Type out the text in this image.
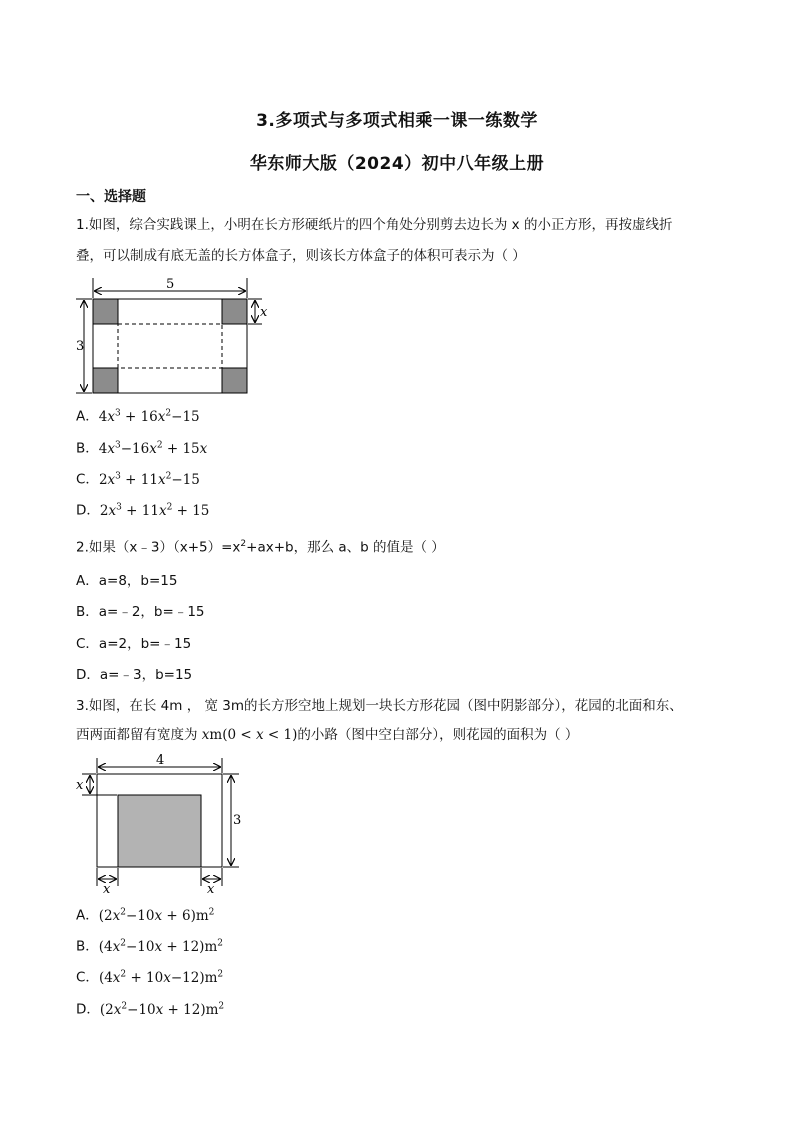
3.多项式与多项式相乘一课一练数学
华东师大版（2024）初中八年级上册
一、选择题
1.如图，综合实践课上，小明在长方形硬纸片的四个角处分别剪去边长为 x 的小正方形，再按虚线折
叠，可以制成有底无盖的长方体盒子，则该长方体盒子的体积可表示为（ ）
5
3
x
A．$4x^3 + 16x^2-15$
B．$4x^3-16x^2 + 15x$
C．$2x^3 + 11x^2-15$
D．$2x^3 + 11x^2 + 15$
2.如果$(x﹣3)(x+5)=x^2+ax+b$，那么 a、b 的值是（ ）
A．a=8，b=15
B．a=﹣2，b=﹣15
C．a=2，b=﹣15
D．a=﹣3，b=15
3.如图，在长 4m ， 宽 3m的长方形空地上规划一块长方形花园（图中阴影部分），花园的北面和东、
西两面都留有宽度为 xm(0 < x < 1)的小路（图中空白部分），则花园的面积为（ ）
4
3
x
x	x
A．$(2x^2-10x + 6)m^2$
B．$(4x^2-10x + 12)m^2$
C．$(4x^2 + 10x-12)m^2$
D．$(2x^2-10x + 12)m^2$
